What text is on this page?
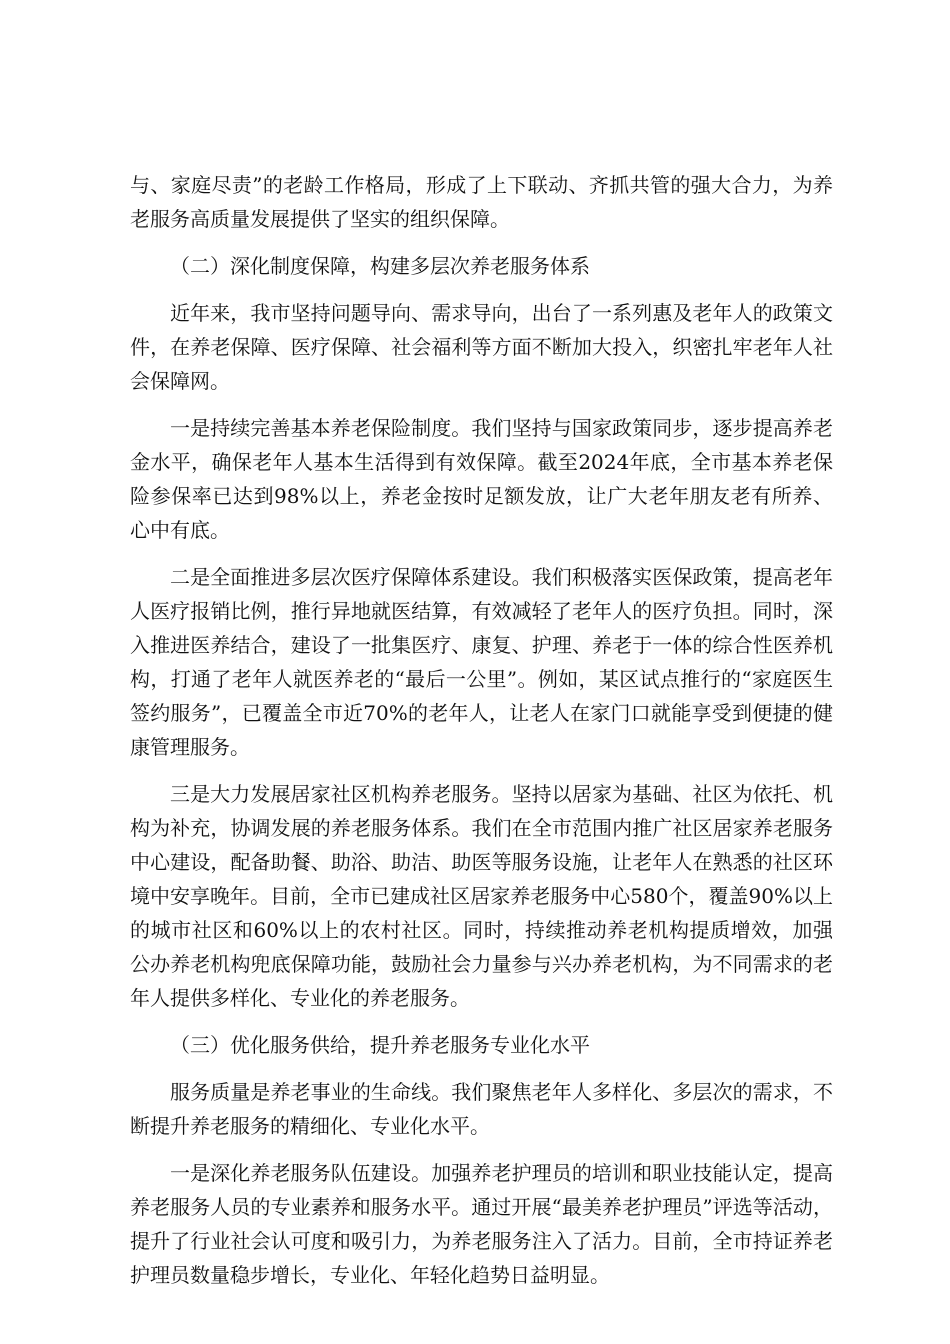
与、家庭尽责”的老龄工作格局，形成了上下联动、齐抓共管的强大合力，为养老服务高质量发展提供了坚实的组织保障。

（二）深化制度保障，构建多层次养老服务体系

近年来，我市坚持问题导向、需求导向，出台了一系列惠及老年人的政策文件，在养老保障、医疗保障、社会福利等方面不断加大投入，织密扎牢老年人社会保障网。

一是持续完善基本养老保险制度。我们坚持与国家政策同步，逐步提高养老金水平，确保老年人基本生活得到有效保障。截至2024年底，全市基本养老保险参保率已达到98%以上，养老金按时足额发放，让广大老年朋友老有所养、心中有底。

二是全面推进多层次医疗保障体系建设。我们积极落实医保政策，提高老年人医疗报销比例，推行异地就医结算，有效减轻了老年人的医疗负担。同时，深入推进医养结合，建设了一批集医疗、康复、护理、养老于一体的综合性医养机构，打通了老年人就医养老的“最后一公里”。例如，某区试点推行的“家庭医生签约服务”，已覆盖全市近70%的老年人，让老人在家门口就能享受到便捷的健康管理服务。

三是大力发展居家社区机构养老服务。坚持以居家为基础、社区为依托、机构为补充，协调发展的养老服务体系。我们在全市范围内推广社区居家养老服务中心建设，配备助餐、助浴、助洁、助医等服务设施，让老年人在熟悉的社区环境中安享晚年。目前，全市已建成社区居家养老服务中心580个，覆盖90%以上的城市社区和60%以上的农村社区。同时，持续推动养老机构提质增效，加强公办养老机构兜底保障功能，鼓励社会力量参与兴办养老机构，为不同需求的老年人提供多样化、专业化的养老服务。

（三）优化服务供给，提升养老服务专业化水平

服务质量是养老事业的生命线。我们聚焦老年人多样化、多层次的需求，不断提升养老服务的精细化、专业化水平。

一是深化养老服务队伍建设。加强养老护理员的培训和职业技能认定，提高养老服务人员的专业素养和服务水平。通过开展“最美养老护理员”评选等活动，提升了行业社会认可度和吸引力，为养老服务注入了活力。目前，全市持证养老护理员数量稳步增长，专业化、年轻化趋势日益明显。
